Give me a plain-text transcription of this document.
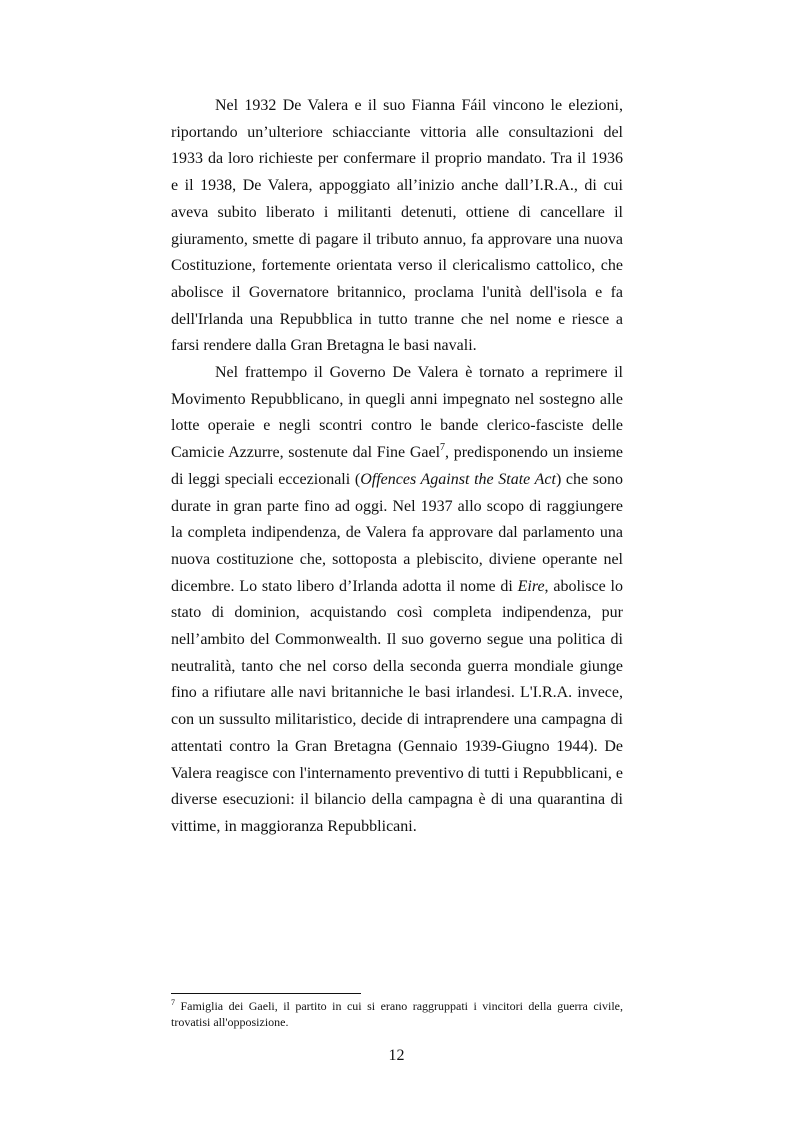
Nel 1932 De Valera e il suo Fianna Fáil vincono le elezioni, riportando un’ulteriore schiacciante vittoria alle consultazioni del 1933 da loro richieste per confermare il proprio mandato. Tra il 1936 e il 1938, De Valera, appoggiato all’inizio anche dall’I.R.A., di cui aveva subito liberato i militanti detenuti, ottiene di cancellare il giuramento, smette di pagare il tributo annuo, fa approvare una nuova Costituzione, fortemente orientata verso il clericalismo cattolico, che abolisce il Governatore britannico, proclama l'unità dell'isola e fa dell'Irlanda una Repubblica in tutto tranne che nel nome e riesce a farsi rendere dalla Gran Bretagna le basi navali.

Nel frattempo il Governo De Valera è tornato a reprimere il Movimento Repubblicano, in quegli anni impegnato nel sostegno alle lotte operaie e negli scontri contro le bande clerico-fasciste delle Camicie Azzurre, sostenute dal Fine Gael$^7$, predisponendo un insieme di leggi speciali eccezionali (Offences Against the State Act) che sono durate in gran parte fino ad oggi. Nel 1937 allo scopo di raggiungere la completa indipendenza, de Valera fa approvare dal parlamento una nuova costituzione che, sottoposta a plebiscito, diviene operante nel dicembre. Lo stato libero d’Irlanda adotta il nome di Eire, abolisce lo stato di dominion, acquistando così completa indipendenza, pur nell’ambito del Commonwealth. Il suo governo segue una politica di neutralità, tanto che nel corso della seconda guerra mondiale giunge fino a rifiutare alle navi britanniche le basi irlandesi. L'I.R.A. invece, con un sussulto militaristico, decide di intraprendere una campagna di attentati contro la Gran Bretagna (Gennaio 1939-Giugno 1944). De Valera reagisce con l'internamento preventivo di tutti i Repubblicani, e diverse esecuzioni: il bilancio della campagna è di una quarantina di vittime, in maggioranza Repubblicani.

$^7$ Famiglia dei Gaeli, il partito in cui si erano raggruppati i vincitori della guerra civile, trovatisi all'opposizione.
12
